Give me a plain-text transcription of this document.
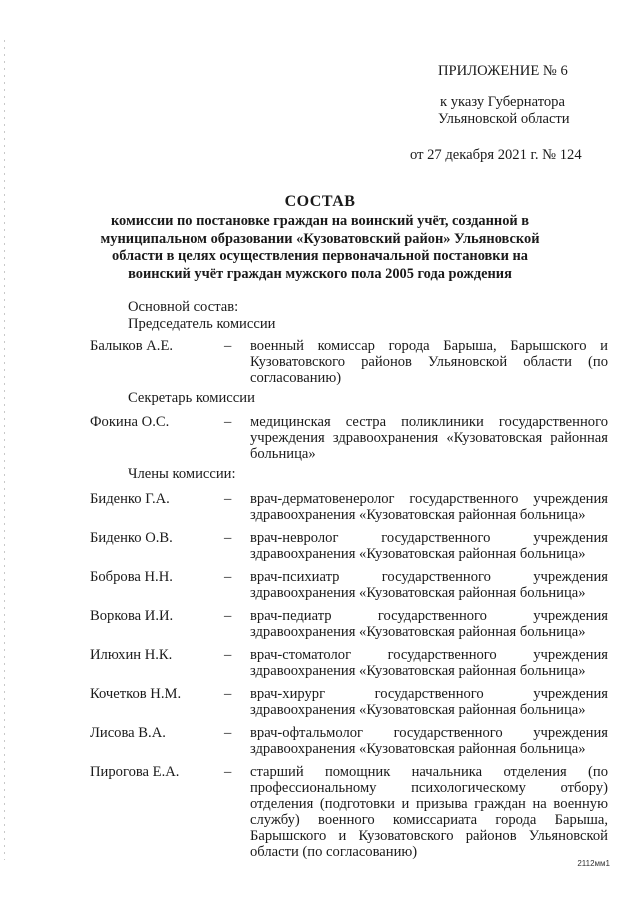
ПРИЛОЖЕНИЕ № 6
к указу Губернатора
Ульяновской области
от 27 декабря 2021 г. № 124
СОСТАВ
комиссии по постановке граждан на воинский учёт, созданной в муниципальном образовании «Кузоватовский район» Ульяновской области в целях осуществления первоначальной постановки на воинский учёт граждан мужского пола 2005 года рождения
Основной состав:
Председатель комиссии
Балыков А.Е.	– военный комиссар города Барыша, Барышского и Кузоватовского районов Ульяновской области (по согласованию)
Секретарь комиссии
Фокина О.С.	– медицинская сестра поликлиники государственного учреждения здравоохранения «Кузоватовская районная больница»
Члены комиссии:
Биденко Г.А.	– врач-дерматовенеролог государственного учреждения здравоохранения «Кузоватовская районная больница»
Биденко О.В.	– врач-невролог государственного учреждения здравоохранения «Кузоватовская районная больница»
Боброва Н.Н.	– врач-психиатр государственного учреждения здравоохранения «Кузоватовская районная больница»
Воркова И.И.	– врач-педиатр государственного учреждения здравоохранения «Кузоватовская районная больница»
Илюхин Н.К.	– врач-стоматолог государственного учреждения здравоохранения «Кузоватовская районная больница»
Кочетков Н.М.	– врач-хирург государственного учреждения здравоохранения «Кузоватовская районная больница»
Лисова В.А.	– врач-офтальмолог государственного учреждения здравоохранения «Кузоватовская районная больница»
Пирогова Е.А.	– старший помощник начальника отделения (по профессиональному психологическому отбору) отделения (подготовки и призыва граждан на военную службу) военного комиссариата города Барыша, Барышского и Кузоватовского районов Ульяновской области (по согласованию)
2112мм1
